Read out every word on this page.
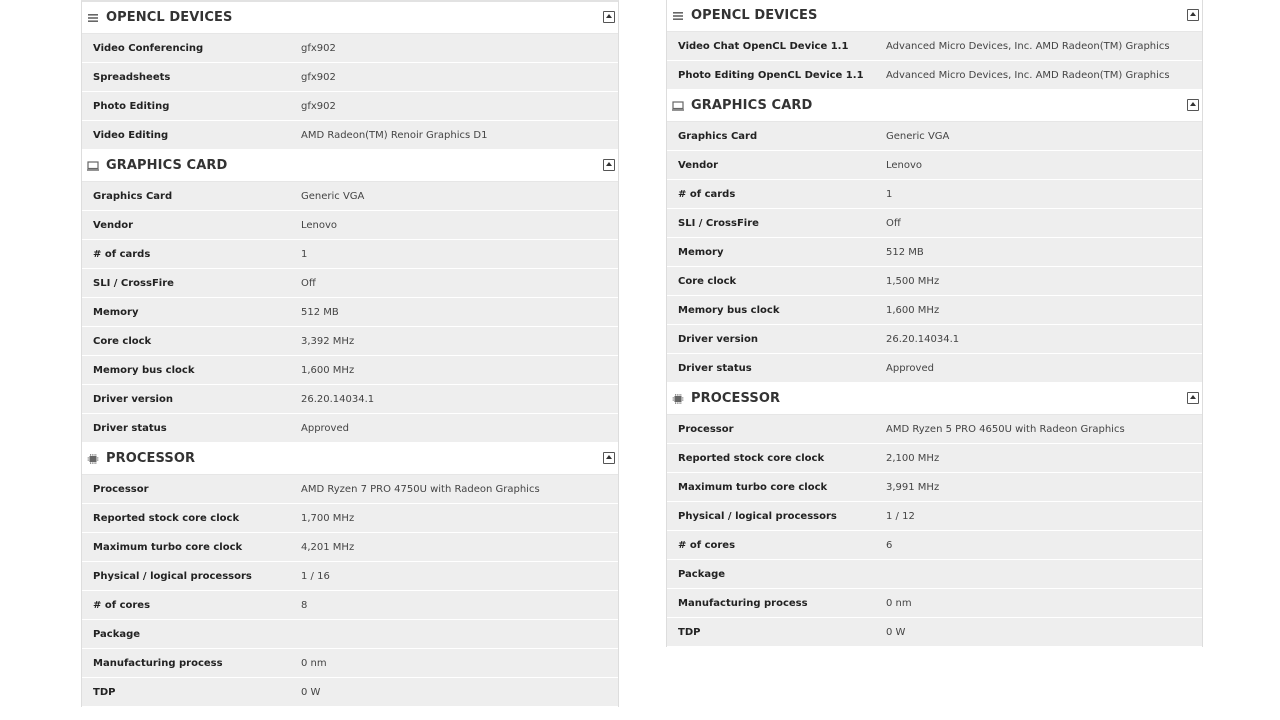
OPENCL DEVICES
Video Conferencing	gfx902
Spreadsheets	gfx902
Photo Editing	gfx902
Video Editing	AMD Radeon(TM) Renoir Graphics D1
GRAPHICS CARD
Graphics Card	Generic VGA
Vendor	Lenovo
# of cards	1
SLI / CrossFire	Off
Memory	512 MB
Core clock	3,392 MHz
Memory bus clock	1,600 MHz
Driver version	26.20.14034.1
Driver status	Approved
PROCESSOR
Processor	AMD Ryzen 7 PRO 4750U with Radeon Graphics
Reported stock core clock	1,700 MHz
Maximum turbo core clock	4,201 MHz
Physical / logical processors	1 / 16
# of cores	8
Package
Manufacturing process	0 nm
TDP	0 W
OPENCL DEVICES
Video Chat OpenCL Device 1.1	Advanced Micro Devices, Inc. AMD Radeon(TM) Graphics
Photo Editing OpenCL Device 1.1	Advanced Micro Devices, Inc. AMD Radeon(TM) Graphics
GRAPHICS CARD
Graphics Card	Generic VGA
Vendor	Lenovo
# of cards	1
SLI / CrossFire	Off
Memory	512 MB
Core clock	1,500 MHz
Memory bus clock	1,600 MHz
Driver version	26.20.14034.1
Driver status	Approved
PROCESSOR
Processor	AMD Ryzen 5 PRO 4650U with Radeon Graphics
Reported stock core clock	2,100 MHz
Maximum turbo core clock	3,991 MHz
Physical / logical processors	1 / 12
# of cores	6
Package
Manufacturing process	0 nm
TDP	0 W
